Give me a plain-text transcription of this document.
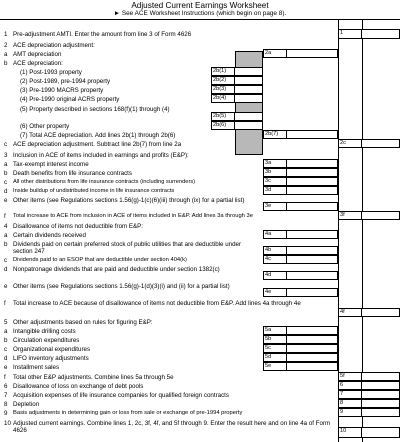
Adjusted Current Earnings Worksheet
► See ACE Worksheet Instructions (which begin on page 8).
1 Pre-adjustment AMTI. Enter the amount from line 3 of Form 4626	1
2 ACE depreciation adjustment:
a AMT depreciation	2a
b ACE depreciation:
(1) Post-1993 property	2b(1)
(2) Post-1989, pre-1994 property	2b(2)
(3) Pre-1990 MACRS property	2b(3)
(4) Pre-1990 original ACRS property	2b(4)
(5) Property described in sections 168(f)(1) through (4)
2b(5)
(6) Other property	2b(6)
(7) Total ACE depreciation. Add lines 2b(1) through 2b(6)	2b(7)
c ACE depreciation adjustment. Subtract line 2b(7) from line 2a	2c
3 Inclusion in ACE of items included in earnings and profits (E&P):
a Tax-exempt interest income	3a
b Death benefits from life insurance contracts	3b
c All other distributions from life insurance contracts (including surrenders)	3c
d Inside buildup of undistributed income in life insurance contracts	3d
e Other items (see Regulations sections 1.56(g)-1(c)(6)(iii) through (ix) for a partial list)
3e
f Total increase to ACE from inclusion in ACE of items included in E&P. Add lines 3a through 3e	3f
4 Disallowance of items not deductible from E&P:
a Certain dividends received	4a
b Dividends paid on certain preferred stock of public utilities that are deductible under section 247	4b
c Dividends paid to an ESOP that are deductible under section 404(k)	4c
d Nonpatronage dividends that are paid and deductible under section 1382(c)
4d
e Other items (see Regulations sections 1.56(g)-1(d)(3)(i) and (ii) for a partial list)
4e
f Total increase to ACE because of disallowance of items not deductible from E&P. Add lines 4a through 4e
4f
5 Other adjustments based on rules for figuring E&P:
a Intangible drilling costs	5a
b Circulation expenditures	5b
c Organizational expenditures	5c
d LIFO inventory adjustments	5d
e Installment sales	5e
f Total other E&P adjustments. Combine lines 5a through 5e	5f
6 Disallowance of loss on exchange of debt pools	6
7 Acquisition expenses of life insurance companies for qualified foreign contracts	7
8 Depletion	8
9 Basis adjustments in determining gain or loss from sale or exchange of pre-1994 property	9
10 Adjusted current earnings. Combine lines 1, 2c, 3f, 4f, and 5f through 9. Enter the result here and on line 4a of Form 4626	10
